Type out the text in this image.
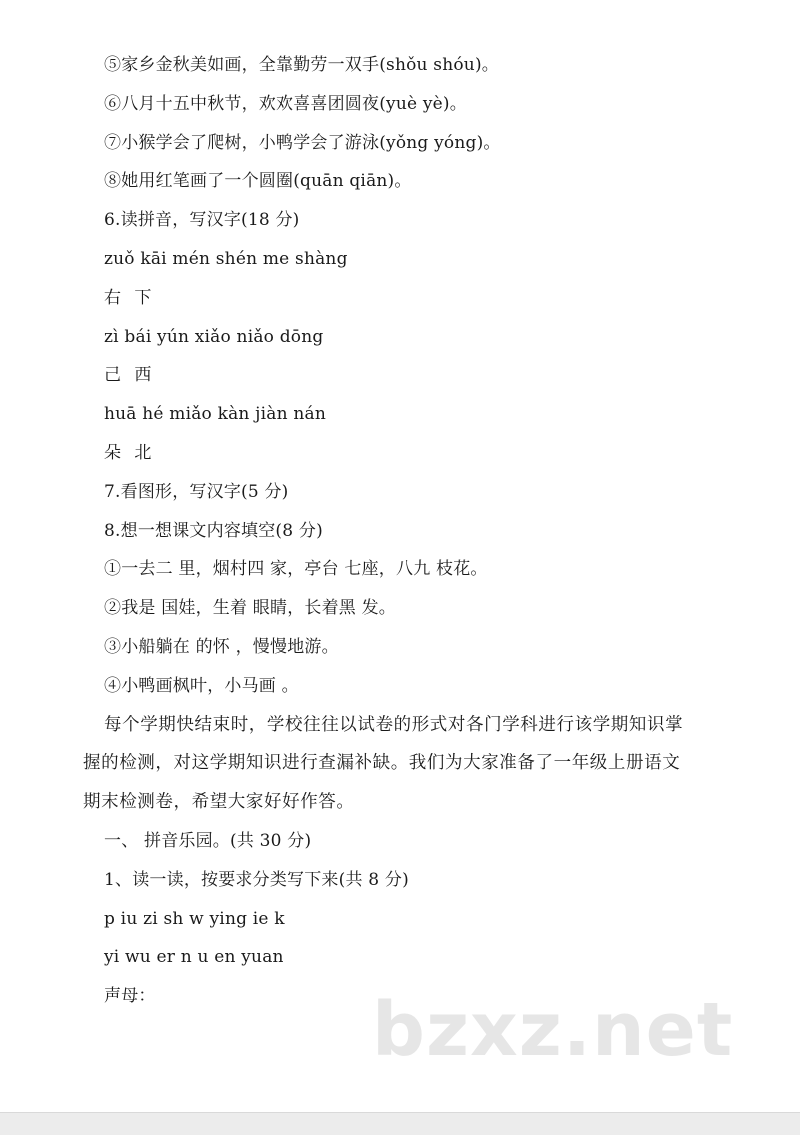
⑤家乡金秋美如画，全靠勤劳一双手(shǒu shóu)。
⑥八月十五中秋节，欢欢喜喜团圆夜(yuè yè)。
⑦小猴学会了爬树，小鸭学会了游泳(yǒng yóng)。
⑧她用红笔画了一个圆圈(quān qiān)。
6.读拼音，写汉字(18 分)
zuǒ kāi mén shén me shàng
右 下
zì bái yún xiǎo niǎo dōng
己 西
huā hé miǎo kàn jiàn nán
朵 北
7.看图形，写汉字(5 分)
8.想一想课文内容填空(8 分)
①一去二 里，烟村四 家，亭台 七座，八九 枝花。
②我是 国娃，生着 眼睛，长着黑 发。
③小船躺在 的怀 ，慢慢地游。
④小鸭画枫叶，小马画 。
每个学期快结束时，学校往往以试卷的形式对各门学科进行该学期知识掌
握的检测，对这学期知识进行查漏补缺。我们为大家准备了一年级上册语文
期末检测卷，希望大家好好作答。
一、 拼音乐园。(共 30 分)
1、读一读，按要求分类写下来(共 8 分)
p iu zi sh w ying ie k
yi wu er n u en yuan
声母：	bzxz.net
